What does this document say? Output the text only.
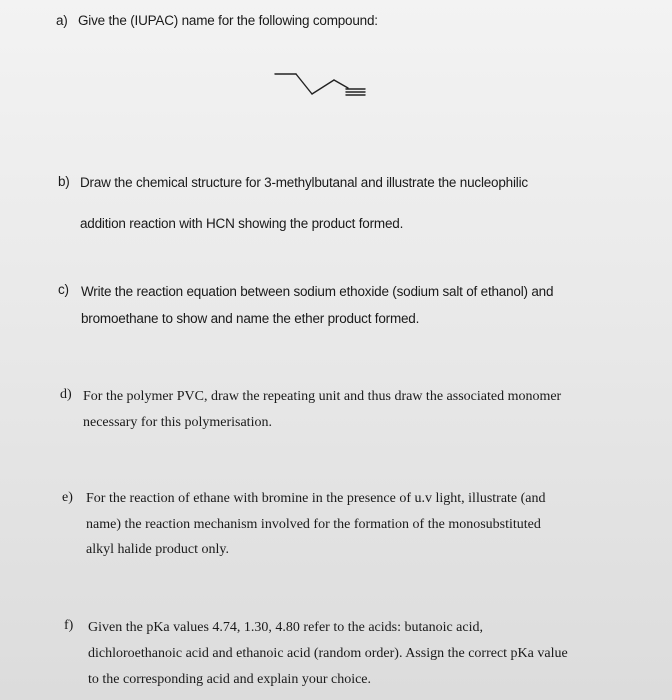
a) Give the (IUPAC) name for the following compound:
b) Draw the chemical structure for 3-methylbutanal and illustrate the nucleophilic
addition reaction with HCN showing the product formed.
c) Write the reaction equation between sodium ethoxide (sodium salt of ethanol) and
bromoethane to show and name the ether product formed.
d) For the polymer PVC, draw the repeating unit and thus draw the associated monomer
necessary for this polymerisation.
e) For the reaction of ethane with bromine in the presence of u.v light, illustrate (and
name) the reaction mechanism involved for the formation of the monosubstituted
alkyl halide product only.
f) Given the pKa values 4.74, 1.30, 4.80 refer to the acids: butanoic acid,
dichloroethanoic acid and ethanoic acid (random order). Assign the correct pKa value
to the corresponding acid and explain your choice.
